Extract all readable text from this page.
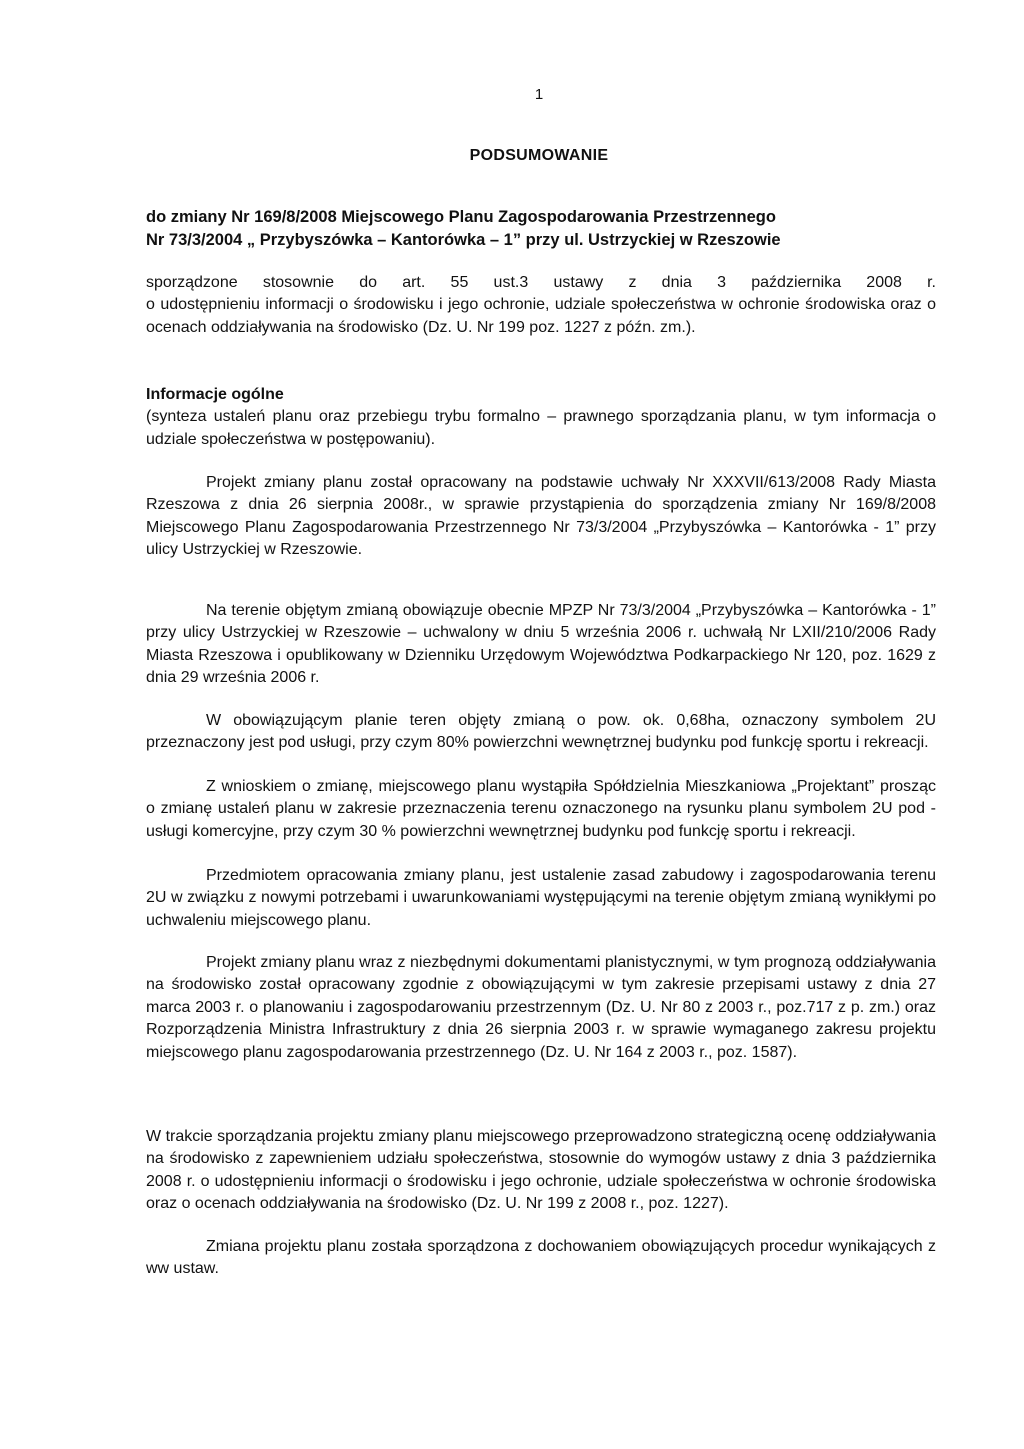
1
PODSUMOWANIE
do zmiany Nr 169/8/2008 Miejscowego Planu Zagospodarowania Przestrzennego
Nr 73/3/2004 „ Przybyszówka – Kantorówka – 1” przy ul. Ustrzyckiej w Rzeszowie

sporządzone stosownie do art. 55 ust.3 ustawy z dnia 3 października 2008 r.

o udostępnieniu informacji o środowisku i jego ochronie, udziale społeczeństwa w ochronie środowiska oraz o ocenach oddziaływania na środowisko (Dz. U. Nr 199 poz. 1227 z późn. zm.).

Informacje ogólne

(synteza ustaleń planu oraz przebiegu trybu formalno – prawnego sporządzania planu, w tym informacja o udziale społeczeństwa w postępowaniu).

Projekt zmiany planu został opracowany na podstawie uchwały Nr XXXVII/613/2008 Rady Miasta Rzeszowa z dnia 26 sierpnia 2008r., w sprawie przystąpienia do sporządzenia zmiany Nr 169/8/2008 Miejscowego Planu Zagospodarowania Przestrzennego Nr 73/3/2004 „Przybyszówka – Kantorówka - 1” przy ulicy Ustrzyckiej w Rzeszowie.

Na terenie objętym zmianą obowiązuje obecnie MPZP Nr 73/3/2004 „Przybyszówka – Kantorówka - 1” przy ulicy Ustrzyckiej w Rzeszowie – uchwalony w dniu 5 września 2006 r. uchwałą Nr LXII/210/2006 Rady Miasta Rzeszowa i opublikowany w Dzienniku Urzędowym Województwa Podkarpackiego Nr 120, poz. 1629 z dnia 29 września 2006 r.

W obowiązującym planie teren objęty zmianą o pow. ok. 0,68ha, oznaczony symbolem 2U przeznaczony jest pod usługi, przy czym 80% powierzchni wewnętrznej budynku pod funkcję sportu i rekreacji.

Z wnioskiem o zmianę, miejscowego planu wystąpiła Spółdzielnia Mieszkaniowa „Projektant” prosząc o zmianę ustaleń planu w zakresie przeznaczenia terenu oznaczonego na rysunku planu symbolem 2U pod - usługi komercyjne, przy czym 30 % powierzchni wewnętrznej budynku pod funkcję sportu i rekreacji.

Przedmiotem opracowania zmiany planu, jest ustalenie zasad zabudowy i zagospodarowania terenu 2U w związku z nowymi potrzebami i uwarunkowaniami występującymi na terenie objętym zmianą wynikłymi po uchwaleniu miejscowego planu.

Projekt zmiany planu wraz z niezbędnymi dokumentami planistycznymi, w tym prognozą oddziaływania na środowisko został opracowany zgodnie z obowiązującymi w tym zakresie przepisami ustawy z dnia 27 marca 2003 r. o planowaniu i zagospodarowaniu przestrzennym (Dz. U. Nr 80 z 2003 r., poz.717 z p. zm.) oraz Rozporządzenia Ministra Infrastruktury z dnia 26 sierpnia 2003 r. w sprawie wymaganego zakresu projektu miejscowego planu zagospodarowania przestrzennego (Dz. U. Nr 164 z 2003 r., poz. 1587).

W trakcie sporządzania projektu zmiany planu miejscowego przeprowadzono strategiczną ocenę oddziaływania na środowisko z zapewnieniem udziału społeczeństwa, stosownie do wymogów ustawy z dnia 3 października 2008 r. o udostępnieniu informacji o środowisku i jego ochronie, udziale społeczeństwa w ochronie środowiska oraz o ocenach oddziaływania na środowisko (Dz. U. Nr 199 z 2008 r., poz. 1227).

Zmiana projektu planu została sporządzona z dochowaniem obowiązujących procedur wynikających z ww ustaw.
